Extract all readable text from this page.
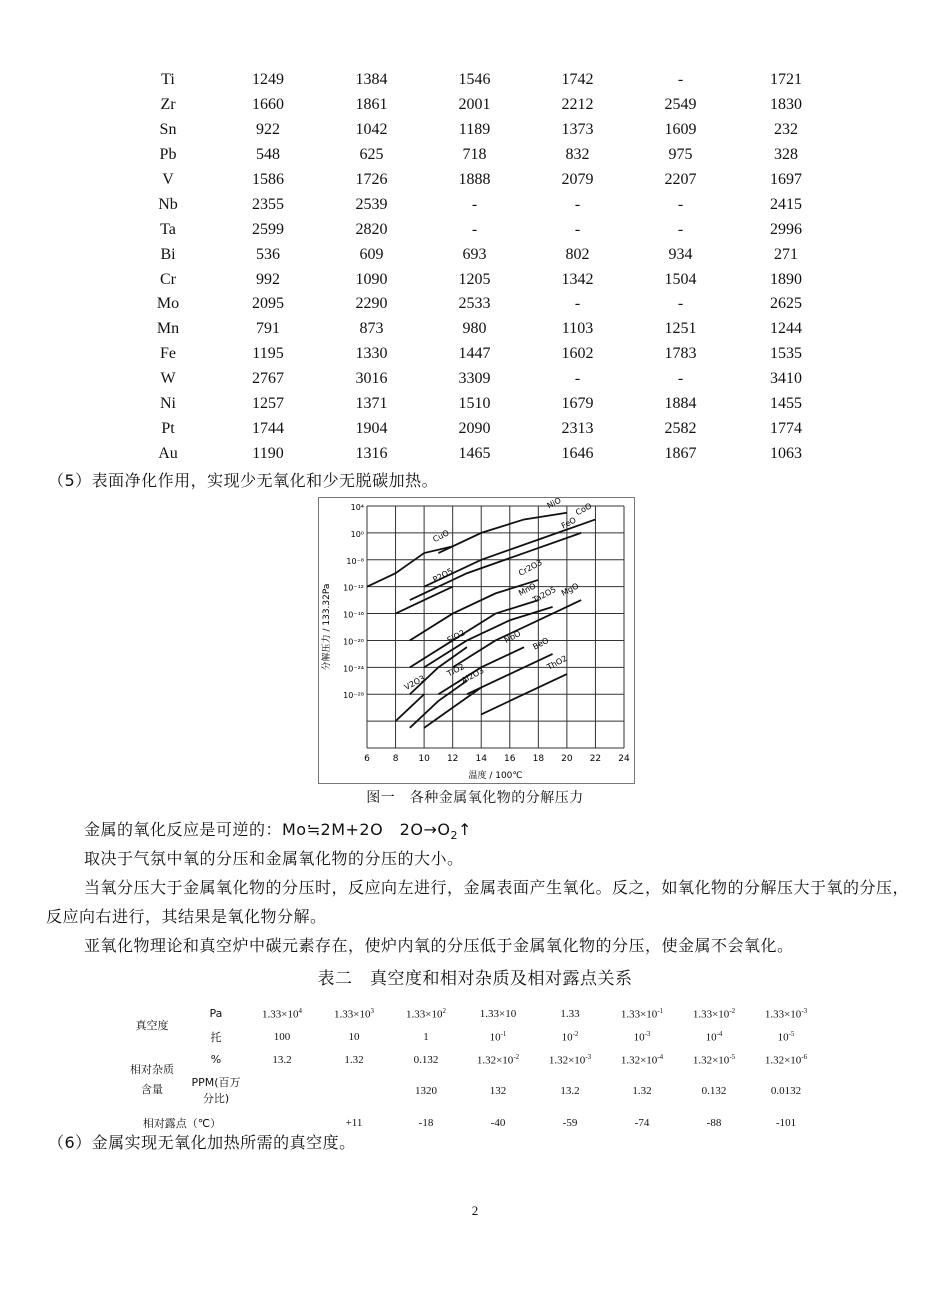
Ti	1249	1384	1546	1742	-	1721
Zr	1660	1861	2001	2212	2549	1830
Sn	922	1042	1189	1373	1609	232
Pb	548	625	718	832	975	328
V	1586	1726	1888	2079	2207	1697
Nb	2355	2539	-	-	-	2415
Ta	2599	2820	-	-	-	2996
Bi	536	609	693	802	934	271
Cr	992	1090	1205	1342	1504	1890
Mo	2095	2290	2533	-	-	2625
Mn	791	873	980	1103	1251	1244
Fe	1195	1330	1447	1602	1783	1535
W	2767	3016	3309	-	-	3410
Ni	1257	1371	1510	1679	1884	1455
Pt	1744	1904	2090	2313	2582	1774
Au	1190	1316	1465	1646	1867	1063
（5）表面净化作用，实现少无氧化和少无脱碳加热。
6	8 10 12 14 16 18 20 22 24
10⁴
10⁰
10⁻⁸
10⁻¹²
10⁻¹⁶
10⁻²⁰
10⁻²⁴
10⁻²⁸
温度 / 100℃
分解压力 / 133.32Pa
NiO
CuO
CoO
FeO
P2O5	Cr2O3
MnO
Ta2O5 MgO
SiO2	NbO BeO
ThO2
V2O3
TiO2
Al2O3
图一　各种金属氧化物的分解压力
金属的氧化反应是可逆的：Mo≒2M+2O　$2O\to O_2↑$
取决于气氛中氧的分压和金属氧化物的分压的大小。
当氧分压大于金属氧化物的分压时，反应向左进行，金属表面产生氧化。反之，如氧化物的分解压大于氧的分压，反应向右进行，其结果是氧化物分解。
亚氧化物理论和真空炉中碳元素存在，使炉内氧的分压低于金属氧化物的分压，使金属不会氧化。
表二　真空度和相对杂质及相对露点关系
真空度	Pa	$1.33\times 10^4$	$1.33\times 10^3$	$1.33\times 10^2$	1.33×10	1.33	$1.33\times 10^{-1}$	$1.33\times 10^{-2}$	$1.33\times 10^{-3}$
	托	100	10	1	$10^{-1}$	$10^{-2}$	$10^{-3}$	$10^{-4}$	$10^{-5}$
相对杂质含量	%	13.2	1.32	0.132	$1.32\times 10^{-2}$	$1.32\times 10^{-3}$	$1.32\times 10^{-4}$	$1.32\times 10^{-5}$	$1.32\times 10^{-6}$
	PPM(百万分比)			1320	132	13.2	1.32	0.132	0.0132
相对露点（℃）			+11	-18	-40	-59	-74	-88	-101
（6）金属实现无氧化加热所需的真空度。
2
